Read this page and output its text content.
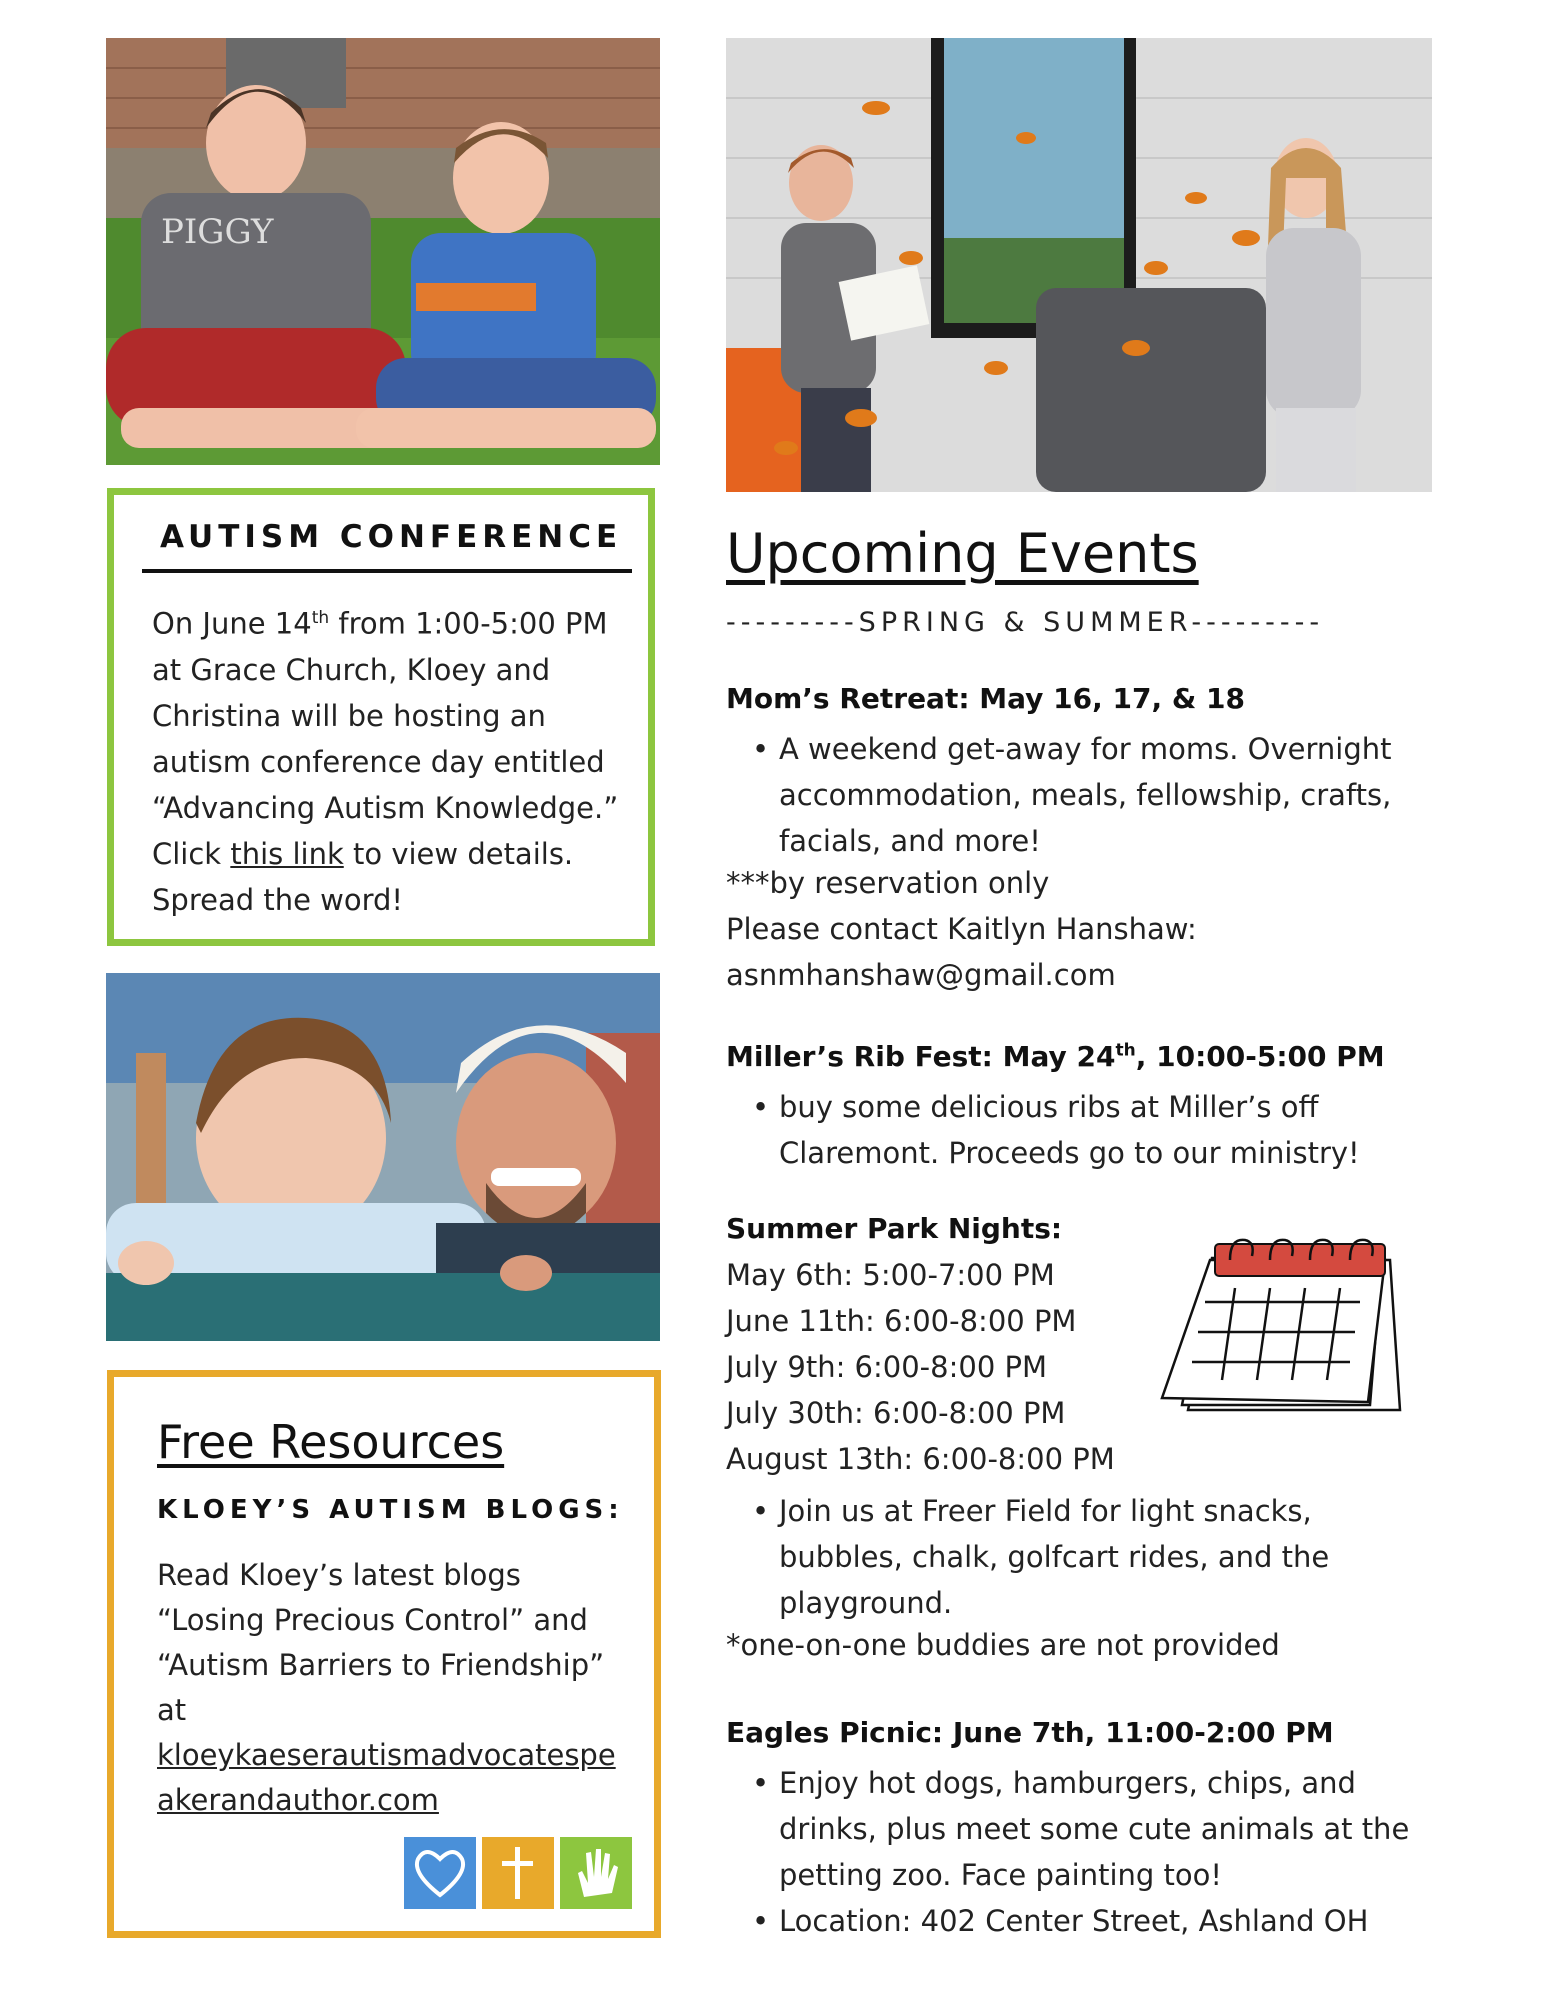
PIGGY
AUTISM CONFERENCE
On June 14th from 1:00-5:00 PM at Grace Church, Kloey and Christina will be hosting an autism conference day entitled “Advancing Autism Knowledge.” Click this link to view details. Spread the word!
Free Resources
KLOEY’S AUTISM BLOGS:
Read Kloey’s latest blogs “Losing Precious Control” and “Autism Barriers to Friendship” at
kloeykaeserautismadvocatespeakerandauthor.com
Upcoming Events
---------SPRING & SUMMER---------
Mom’s Retreat: May 16, 17, & 18
• A weekend get-away for moms. Overnight accommodation, meals, fellowship, crafts, facials, and more!
***by reservation only
Please contact Kaitlyn Hanshaw:
asnmhanshaw@gmail.com
Miller’s Rib Fest: May 24th, 10:00-5:00 PM
• buy some delicious ribs at Miller’s off Claremont. Proceeds go to our ministry!
Summer Park Nights:
May 6th: 5:00-7:00 PM
June 11th: 6:00-8:00 PM
July 9th: 6:00-8:00 PM
July 30th: 6:00-8:00 PM
August 13th: 6:00-8:00 PM
• Join us at Freer Field for light snacks, bubbles, chalk, golfcart rides, and the playground.
*one-on-one buddies are not provided
Eagles Picnic: June 7th, 11:00-2:00 PM
• Enjoy hot dogs, hamburgers, chips, and drinks, plus meet some cute animals at the petting zoo. Face painting too!
• Location: 402 Center Street, Ashland OH
